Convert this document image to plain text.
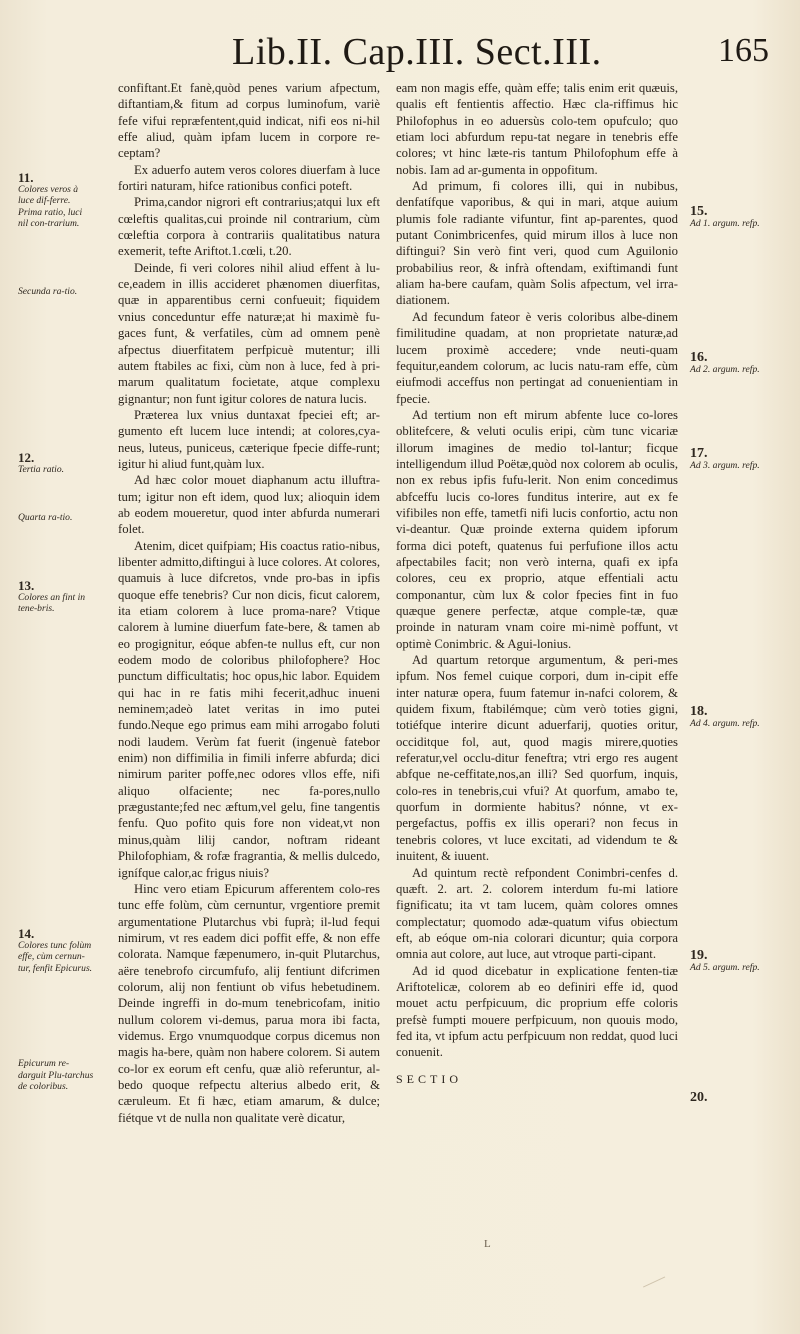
Lib.II. Cap.III. Sect.III.	165

confiftant.Et fanè,quòd penes varium afpectum, diftantiam,& fitum ad corpus luminofum, variè fefe vifui repræfentent,quid indicat, nifi eos ni-hil effe aliud, quàm ipfam lucem in corpore re-ceptam?

Ex aduerfo autem veros colores diuerfam à luce fortiri naturam, hifce rationibus confici poteft.

Prima,candor nigrori eft contrarius;atqui lux eft cœleftis qualitas,cui proinde nil contrarium, cùm cœleftia corpora à contrariis qualitatibus natura exemerit, tefte Ariftot.1.cœli, t.20.

Deinde, fi veri colores nihil aliud effent à lu-ce,eadem in illis accideret phænomen diuerfitas, quæ in apparentibus cerni confueuit; fiquidem vnius conceduntur effe naturæ;at hi maximè fu-gaces funt, & verfatiles, cùm ad omnem penè afpectus diuerfitatem perfpicuè mutentur; illi autem ftabiles ac fixi, cùm non à luce, fed à pri-marum qualitatum focietate, atque complexu gignantur; non funt igitur colores de natura lucis.

Præterea lux vnius duntaxat fpeciei eft; ar-gumento eft lucem luce intendi; at colores,cya-neus, luteus, puniceus, cæterique fpecie diffe-runt; igitur hi aliud funt,quàm lux.

Ad hæc color mouet diaphanum actu illuftra-tum; igitur non eft idem, quod lux; alioquin idem ab eodem moueretur, quod inter abfurda numerari folet.

Atenim, dicet quifpiam; His coactus ratio-nibus, libenter admitto,diftingui à luce colores. At colores, quamuis à luce difcretos, vnde pro-bas in ipfis quoque effe tenebris? Cur non dicis, ficut calorem, ita etiam colorem à luce proma-nare? Vtique calorem à lumine diuerfum fate-bere, & tamen ab eo progignitur, eóque abfen-te nullus eft, cur non eodem modo de coloribus philofophere? Hoc punctum difficultatis; hoc opus,hic labor. Equidem qui hac in re fatis mihi fecerit,adhuc inueni neminem;adeò latet veritas in imo putei fundo.Neque ego primus eam mihi arrogabo foluti nodi laudem. Verùm fat fuerit (ingenuè fatebor enim) non diffimilia in fimili inferre abfurda; dici nimirum pariter poffe,nec odores vllos effe, nifi aliquo olfaciente; nec fa-pores,nullo prægustante;fed nec æftum,vel gelu, fine tangentis fenfu. Quo pofito quis fore non videat,vt non minus,quàm lilij candor, noftram rideant Philofophiam, & rofæ fragrantia, & mellis dulcedo, ignífque calor,ac frigus niuis?

Hinc vero etiam Epicurum afferentem colo-res tunc effe folùm, cùm cernuntur, vrgentiore premit argumentatione Plutarchus vbi fuprà; il-lud fequi nimirum, vt res eadem dici poffit effe, & non effe colorata. Namque fæpenumero, in-quit Plutarchus, aëre tenebrofo circumfufo, alij fentiunt difcrimen colorum, alij non fentiunt ob vifus hebetudinem. Deinde ingreffi in do-mum tenebricofam, initio nullum colorem vi-demus, parua mora ibi facta, videmus. Ergo vnumquodque corpus dicemus non magis ha-bere, quàm non habere colorem. Si autem co-lor ex eorum eft cenfu, quæ aliò referuntur, al-bedo quoque refpectu alterius albedo erit, & cæruleum. Et fi hæc, etiam amarum, & dulce; fiétque vt de nulla non qualitate verè dicatur,

eam non magis effe, quàm effe; talis enim erit quæuis, qualis eft fentientis affectio. Hæc cla-riffimus hic Philofophus in eo aduersùs colo-tem opufculo; quo etiam loci abfurdum repu-tat negare in tenebris effe colores; vt hinc læte-ris tantum Philofophum effe à nobis. Iam ad ar-gumenta in oppofitum.

Ad primum, fi colores illi, qui in nubibus, denfatífque vaporibus, & qui in mari, atque auium plumis fole radiante vifuntur, fint ap-parentes, quod putant Conimbricenfes, quid mirum illos à luce non diftingui? Sin verò fint veri, quod cum Aguilonio probabilius reor, & infrà oftendam, exiftimandi funt aliam ha-bere caufam, quàm Solis afpectum, vel irra-diationem.

Ad fecundum fateor è veris coloribus albe-dinem fimilitudine quadam, at non proprietate naturæ,ad lucem proximè accedere; vnde neuti-quam fequitur,eandem colorum, ac lucis natu-ram effe, cùm eiufmodi acceffus non pertingat ad conuenientiam in fpecie.

Ad tertium non eft mirum abfente luce co-lores oblitefcere, & veluti oculis eripi, cùm tunc vicariæ illorum imagines de medio tol-lantur; ficque intelligendum illud Poëtæ,quòd nox colorem ab oculis, non ex rebus ipfis fufu-lerit. Non enim concedimus abfceffu lucis co-lores funditus interire, aut ex fe vifibiles non effe, tametfi nifi lucis confortio, actu non vi-deantur. Quæ proinde externa quidem ipforum forma dici poteft, quatenus fui perfufione illos actu afpectabiles facit; non verò interna, quafi ex ipfa colores, ceu ex proprio, atque effentiali actu componantur, cùm lux & color fpecies fint in fuo quæque genere perfectæ, atque comple-tæ, quæ proinde in naturam vnam coire mi-nimè poffunt, vt optimè Conimbric. & Agui-lonius.

Ad quartum retorque argumentum, & peri-mes ipfum. Nos femel cuique corpori, dum in-cipit effe inter naturæ opera, fuum fatemur in-nafci colorem, & quidem fixum, ftabilémque; cùm verò toties gigni, totiéfque interire dicunt aduerfarij, quoties oritur, occiditque fol, aut, quod magis mirere,quoties referatur,vel occlu-ditur feneftra; vtri ergo res augent abfque ne-ceffitate,nos,an illi? Sed quorfum, inquis, colo-res in tenebris,cui vfui? At quorfum, amabo te, quorfum in dormiente habitus? nónne, vt ex-pergefactus, poffis ex illis operari? non fecus in tenebris colores, vt luce excitati, ad videndum te & inuitent, & iuuent.

Ad quintum rectè refpondent Conimbri-cenfes d. quæft. 2. art. 2. colorem interdum fu-mi latiore fignificatu; ita vt tam lucem, quàm colores omnes complectatur; quomodo adæ-quatum vifus obiectum eft, ab eóque om-nia colorari dicuntur; quia corpora omnia aut colore, aut luce, aut vtroque parti-cipant.

Ad id quod dicebatur in explicatione fenten-tiæ Ariftotelicæ, colorem ab eo definiri effe id, quod mouet actu perfpicuum, dic proprium effe coloris prefsè fumpti mouere perfpicuum, non quouis modo, fed ita, vt ipfum actu perfpicuum non reddat, quod luci conuenit.

SECTIO
11.
Colores veros à luce dif-ferre. Prima ratio, luci nil con-trarium.
Secunda ra-tio.
12.
Tertia ratio.
Quarta ra-tio.
13.
Colores an fint in tene-bris.
14.
Colores tunc folùm effe, cùm cernun-tur, fenfit Epicurus.
Epicurum re-darguit Plu-tarchus de coloribus.
15.
Ad 1. argum. refp.
16.
Ad 2. argum. refp.
17.
Ad 3. argum. refp.
18.
Ad 4. argum. refp.
19.
Ad 5. argum. refp.
20.
L
